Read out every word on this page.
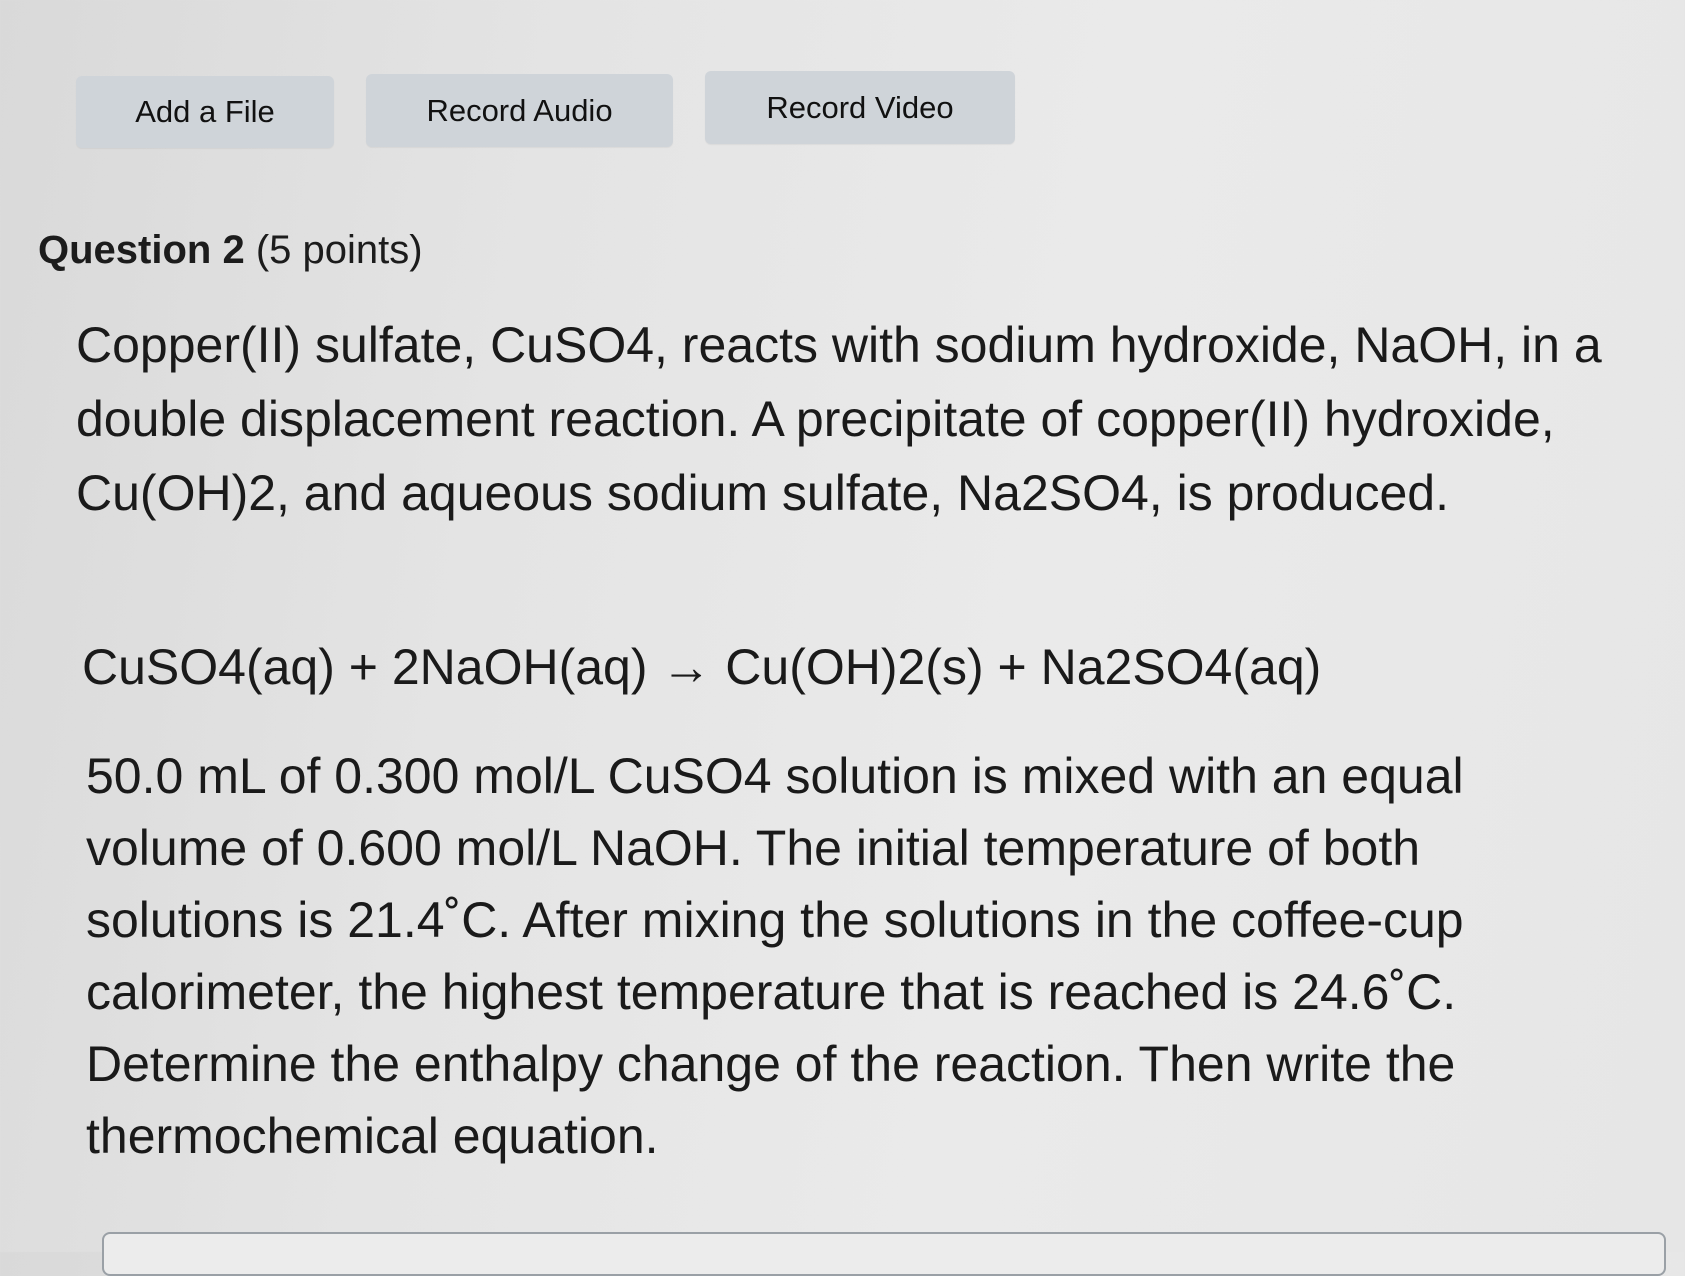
Add a File	Record Audio	Record Video
Question 2 (5 points)

Copper(II) sulfate, CuSO4, reacts with sodium hydroxide, NaOH, in a double displacement reaction. A precipitate of copper(II) hydroxide, Cu(OH)2, and aqueous sodium sulfate, Na2SO4, is produced.

CuSO4(aq) + 2NaOH(aq) → Cu(OH)2(s) + Na2SO4(aq)
50.0 mL of 0.300 mol/L CuSO4 solution is mixed with an equal volume of 0.600 mol/L NaOH. The initial temperature of both solutions is 21.4˚C. After mixing the solutions in the coffee-cup calorimeter, the highest temperature that is reached is 24.6˚C. Determine the enthalpy change of the reaction. Then write the thermochemical equation.
